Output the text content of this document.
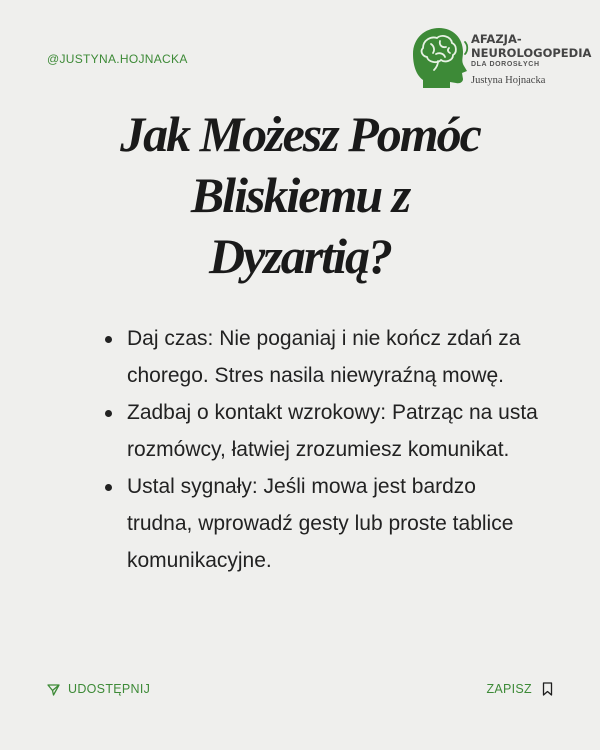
@JUSTYNA.HOJNACKA
AFAZJA-
NEUROLOGOPEDIA
DLA DOROSŁYCH
Justyna Hojnacka
Jak Możesz Pomóc
Bliskiemu z
Dyzartią?

Daj czas: Nie poganiaj i nie kończ zdań za chorego. Stres nasila niewyraźną mowę.

Zadbaj o kontakt wzrokowy: Patrząc na usta rozmówcy, łatwiej zrozumiesz komunikat.

Ustal sygnały: Jeśli mowa jest bardzo trudna, wprowadź gesty lub proste tablice komunikacyjne.

UDOSTĘPNIJ	ZAPISZ
